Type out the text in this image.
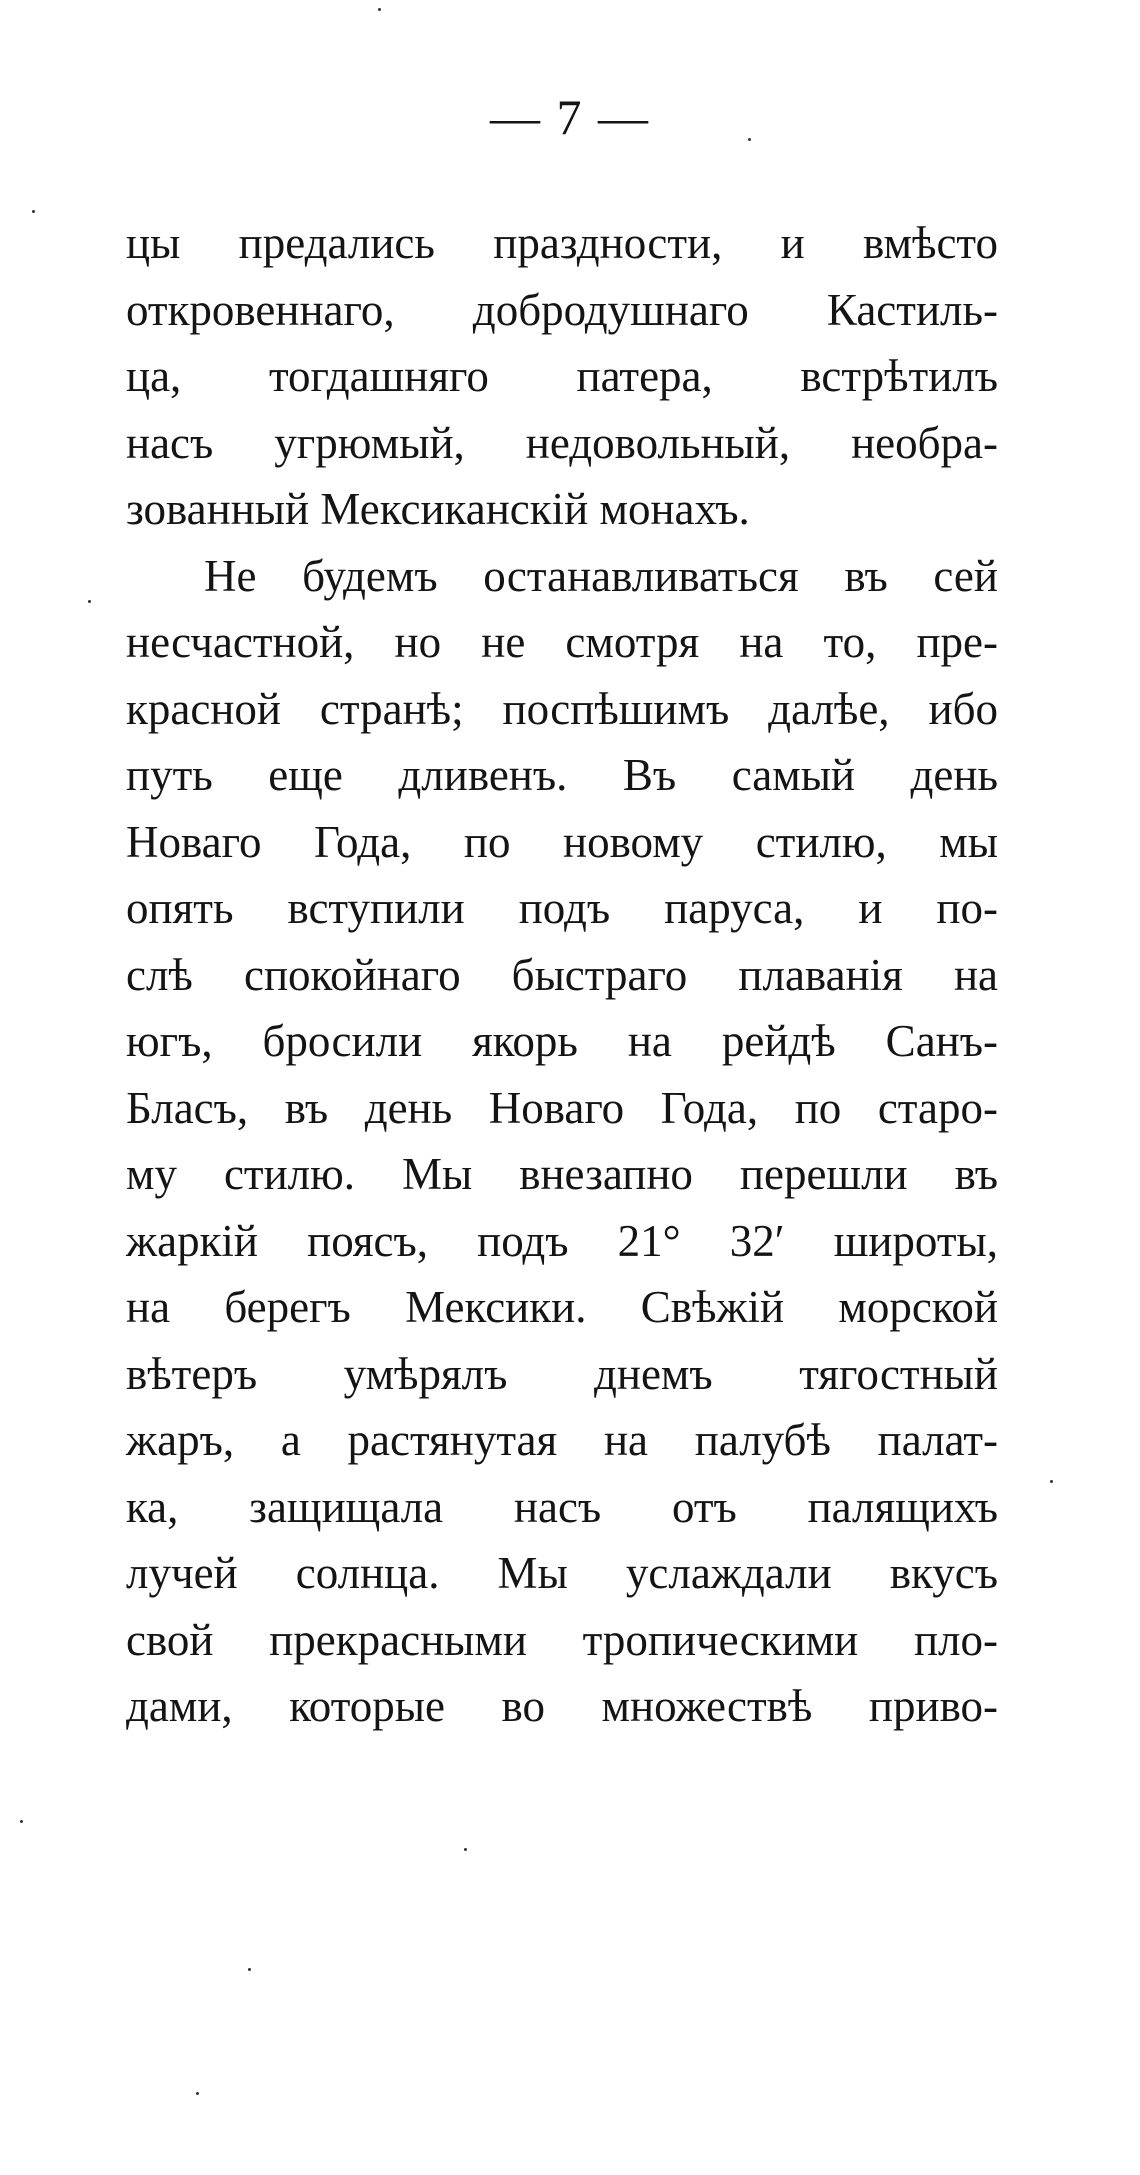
— 7 —
цы предались праздности, и вмѣсто
откровеннаго, добродушнаго Кастиль-
ца, тогдашняго патера, встрѣтилъ
насъ угрюмый, недовольный, необра-
зованный Мексиканскій монахъ.
Не будемъ останавливаться въ сей
несчастной, но не смотря на то, пре-
красной странѣ; поспѣшимъ далѣе, ибо
путь еще дливенъ. Въ самый день
Новаго Года, по новому стилю, мы
опять вступили подъ паруса, и по-
слѣ спокойнаго быстраго плаванія на
югъ, бросили якорь на рейдѣ Санъ-
Бласъ, въ день Новаго Года, по старо-
му стилю. Мы внезапно перешли въ
жаркій поясъ, подъ 21° 32′ широты,
на берегъ Мексики. Свѣжій морской
вѣтеръ умѣрялъ днемъ тягостный
жаръ, а растянутая на палубѣ палат-
ка, защищала насъ отъ палящихъ
лучей солнца. Мы услаждали вкусъ
свой прекрасными тропическими пло-
дами, которые во множествѣ приво-
